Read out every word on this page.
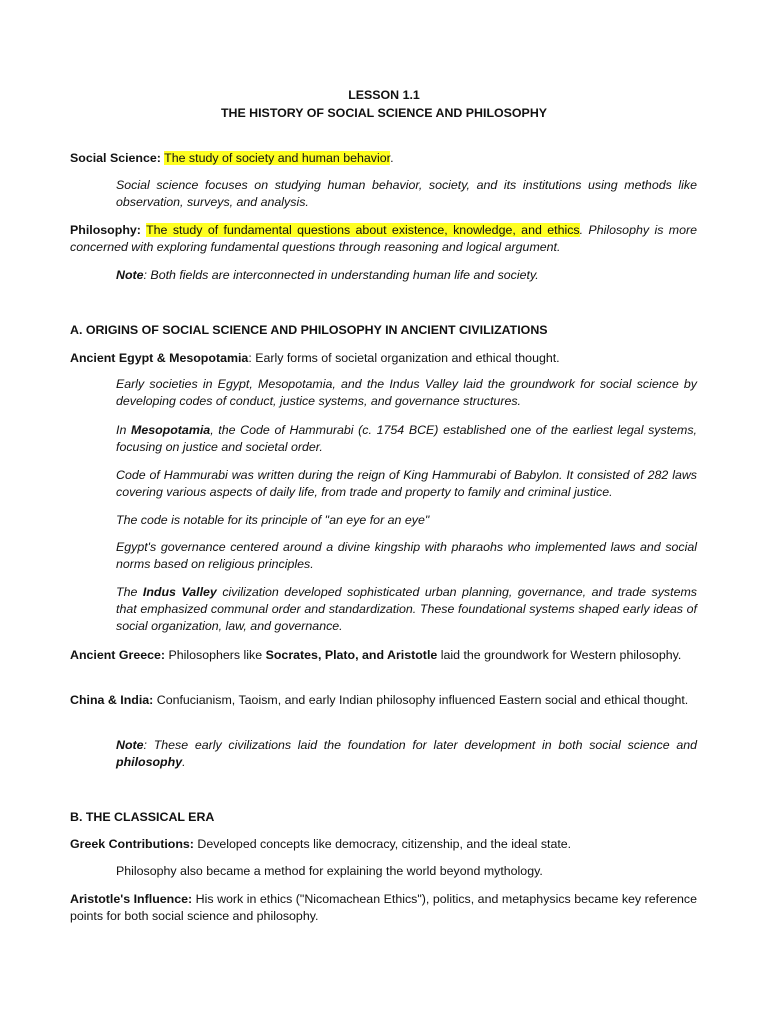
LESSON 1.1

THE HISTORY OF SOCIAL SCIENCE AND PHILOSOPHY

Social Science: The study of society and human behavior.

Social science focuses on studying human behavior, society, and its institutions using methods like observation, surveys, and analysis.

Philosophy: The study of fundamental questions about existence, knowledge, and ethics. Philosophy is more concerned with exploring fundamental questions through reasoning and logical argument.

Note: Both fields are interconnected in understanding human life and society.

A. ORIGINS OF SOCIAL SCIENCE AND PHILOSOPHY IN ANCIENT CIVILIZATIONS

Ancient Egypt & Mesopotamia: Early forms of societal organization and ethical thought.

Early societies in Egypt, Mesopotamia, and the Indus Valley laid the groundwork for social science by developing codes of conduct, justice systems, and governance structures.

In Mesopotamia, the Code of Hammurabi (c. 1754 BCE) established one of the earliest legal systems, focusing on justice and societal order.

Code of Hammurabi was written during the reign of King Hammurabi of Babylon. It consisted of 282 laws covering various aspects of daily life, from trade and property to family and criminal justice.

The code is notable for its principle of "an eye for an eye"

Egypt's governance centered around a divine kingship with pharaohs who implemented laws and social norms based on religious principles.

The Indus Valley civilization developed sophisticated urban planning, governance, and trade systems that emphasized communal order and standardization. These foundational systems shaped early ideas of social organization, law, and governance.

Ancient Greece: Philosophers like Socrates, Plato, and Aristotle laid the groundwork for Western philosophy.

China & India: Confucianism, Taoism, and early Indian philosophy influenced Eastern social and ethical thought.

Note: These early civilizations laid the foundation for later development in both social science and philosophy.

B. THE CLASSICAL ERA

Greek Contributions: Developed concepts like democracy, citizenship, and the ideal state.

Philosophy also became a method for explaining the world beyond mythology.

Aristotle's Influence: His work in ethics ("Nicomachean Ethics"), politics, and metaphysics became key reference points for both social science and philosophy.
